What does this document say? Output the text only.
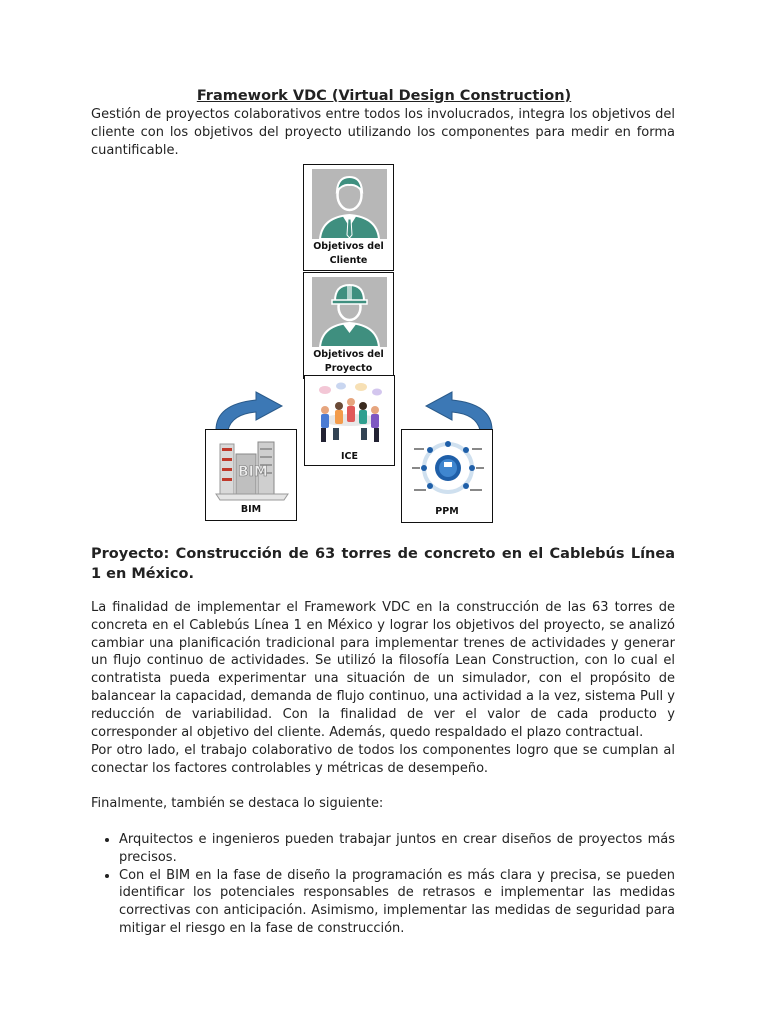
Framework VDC (Virtual Design Construction)
Gestión de proyectos colaborativos entre todos los involucrados, integra los objetivos del cliente con los objetivos del proyecto utilizando los componentes para medir en forma cuantificable.
Objetivos del
Cliente
Objetivos del
Proyecto
ICE
BIM
BIM	PPM
Proyecto: Construcción de 63 torres de concreto en el Cablebús Línea 1 en México.

La finalidad de implementar el Framework VDC en la construcción de las 63 torres de concreta en el Cablebús Línea 1 en México y lograr los objetivos del proyecto, se analizó cambiar una planificación tradicional para implementar trenes de actividades y generar un flujo continuo de actividades. Se utilizó la filosofía Lean Construction, con lo cual el contratista pueda experimentar una situación de un simulador, con el propósito de balancear la capacidad, demanda de flujo continuo, una actividad a la vez, sistema Pull y reducción de variabilidad. Con la finalidad de ver el valor de cada producto y corresponder al objetivo del cliente. Además, quedo respaldado el plazo contractual.

Por otro lado, el trabajo colaborativo de todos los componentes logro que se cumplan al conectar los factores controlables y métricas de desempeño.

Finalmente, también se destaca lo siguiente:

• Arquitectos e ingenieros pueden trabajar juntos en crear diseños de proyectos más precisos.
• Con el BIM en la fase de diseño la programación es más clara y precisa, se pueden identificar los potenciales responsables de retrasos e implementar las medidas correctivas con anticipación. Asimismo, implementar las medidas de seguridad para mitigar el riesgo en la fase de construcción.
